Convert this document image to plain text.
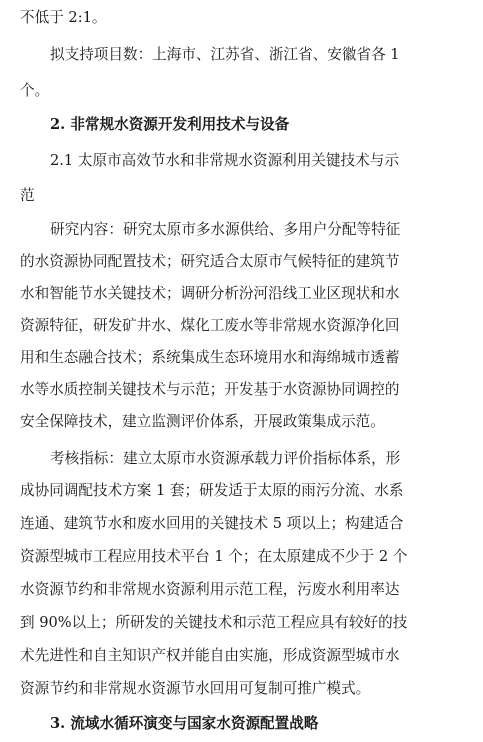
不低于 2:1。
拟支持项目数：上海市、江苏省、浙江省、安徽省各 1
个。
2. 非常规水资源开发利用技术与设备
2.1 太原市高效节水和非常规水资源利用关键技术与示
范
研究内容：研究太原市多水源供给、多用户分配等特征
的水资源协同配置技术；研究适合太原市气候特征的建筑节
水和智能节水关键技术；调研分析汾河沿线工业区现状和水
资源特征，研发矿井水、煤化工废水等非常规水资源净化回
用和生态融合技术；系统集成生态环境用水和海绵城市透蓄
水等水质控制关键技术与示范；开发基于水资源协同调控的
安全保障技术，建立监测评价体系，开展政策集成示范。
考核指标：建立太原市水资源承载力评价指标体系，形
成协同调配技术方案 1 套；研发适于太原的雨污分流、水系
连通、建筑节水和废水回用的关键技术 5 项以上；构建适合
资源型城市工程应用技术平台 1 个；在太原建成不少于 2 个
水资源节约和非常规水资源利用示范工程，污废水利用率达
到 90%以上；所研发的关键技术和示范工程应具有较好的技
术先进性和自主知识产权并能自由实施，形成资源型城市水
资源节约和非常规水资源节水回用可复制可推广模式。
3. 流域水循环演变与国家水资源配置战略
